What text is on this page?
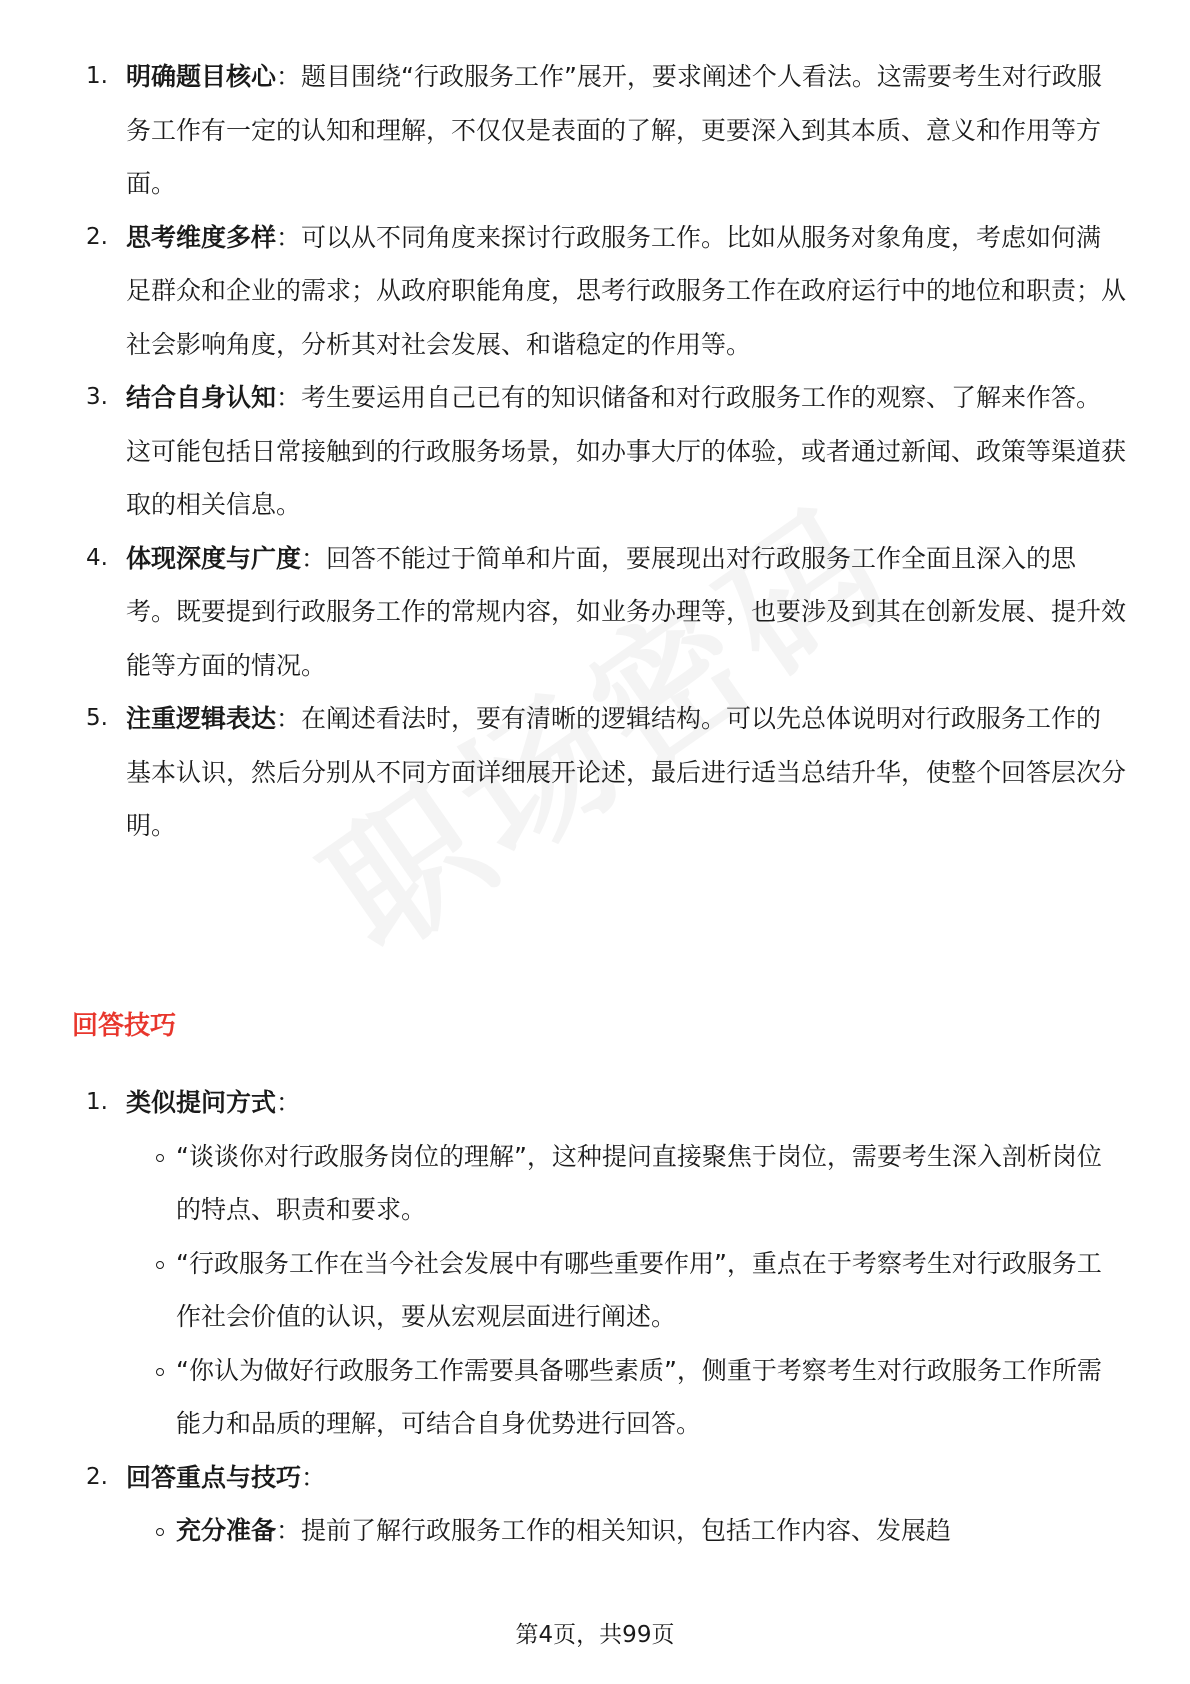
1. 明确题目核心：题目围绕“行政服务工作”展开，要求阐述个人看法。这需要考生对行政服务工作有一定的认知和理解，不仅仅是表面的了解，更要深入到其本质、意义和作用等方面。
2. 思考维度多样：可以从不同角度来探讨行政服务工作。比如从服务对象角度，考虑如何满足群众和企业的需求；从政府职能角度，思考行政服务工作在政府运行中的地位和职责；从社会影响角度，分析其对社会发展、和谐稳定的作用等。
3. 结合自身认知：考生要运用自己已有的知识储备和对行政服务工作的观察、了解来作答。这可能包括日常接触到的行政服务场景，如办事大厅的体验，或者通过新闻、政策等渠道获取的相关信息。
4. 体现深度与广度：回答不能过于简单和片面，要展现出对行政服务工作全面且深入的思考。既要提到行政服务工作的常规内容，如业务办理等，也要涉及到其在创新发展、提升效能等方面的情况。
5. 注重逻辑表达：在阐述看法时，要有清晰的逻辑结构。可以先总体说明对行政服务工作的基本认识，然后分别从不同方面详细展开论述，最后进行适当总结升华，使整个回答层次分明。
回答技巧
1. 类似提问方式：
“谈谈你对行政服务岗位的理解”，这种提问直接聚焦于岗位，需要考生深入剖析岗位的特点、职责和要求。
“行政服务工作在当今社会发展中有哪些重要作用”，重点在于考察考生对行政服务工作社会价值的认识，要从宏观层面进行阐述。
“你认为做好行政服务工作需要具备哪些素质”，侧重于考察考生对行政服务工作所需能力和品质的理解，可结合自身优势进行回答。
2. 回答重点与技巧：
充分准备：提前了解行政服务工作的相关知识，包括工作内容、发展趋
第4页，共99页
